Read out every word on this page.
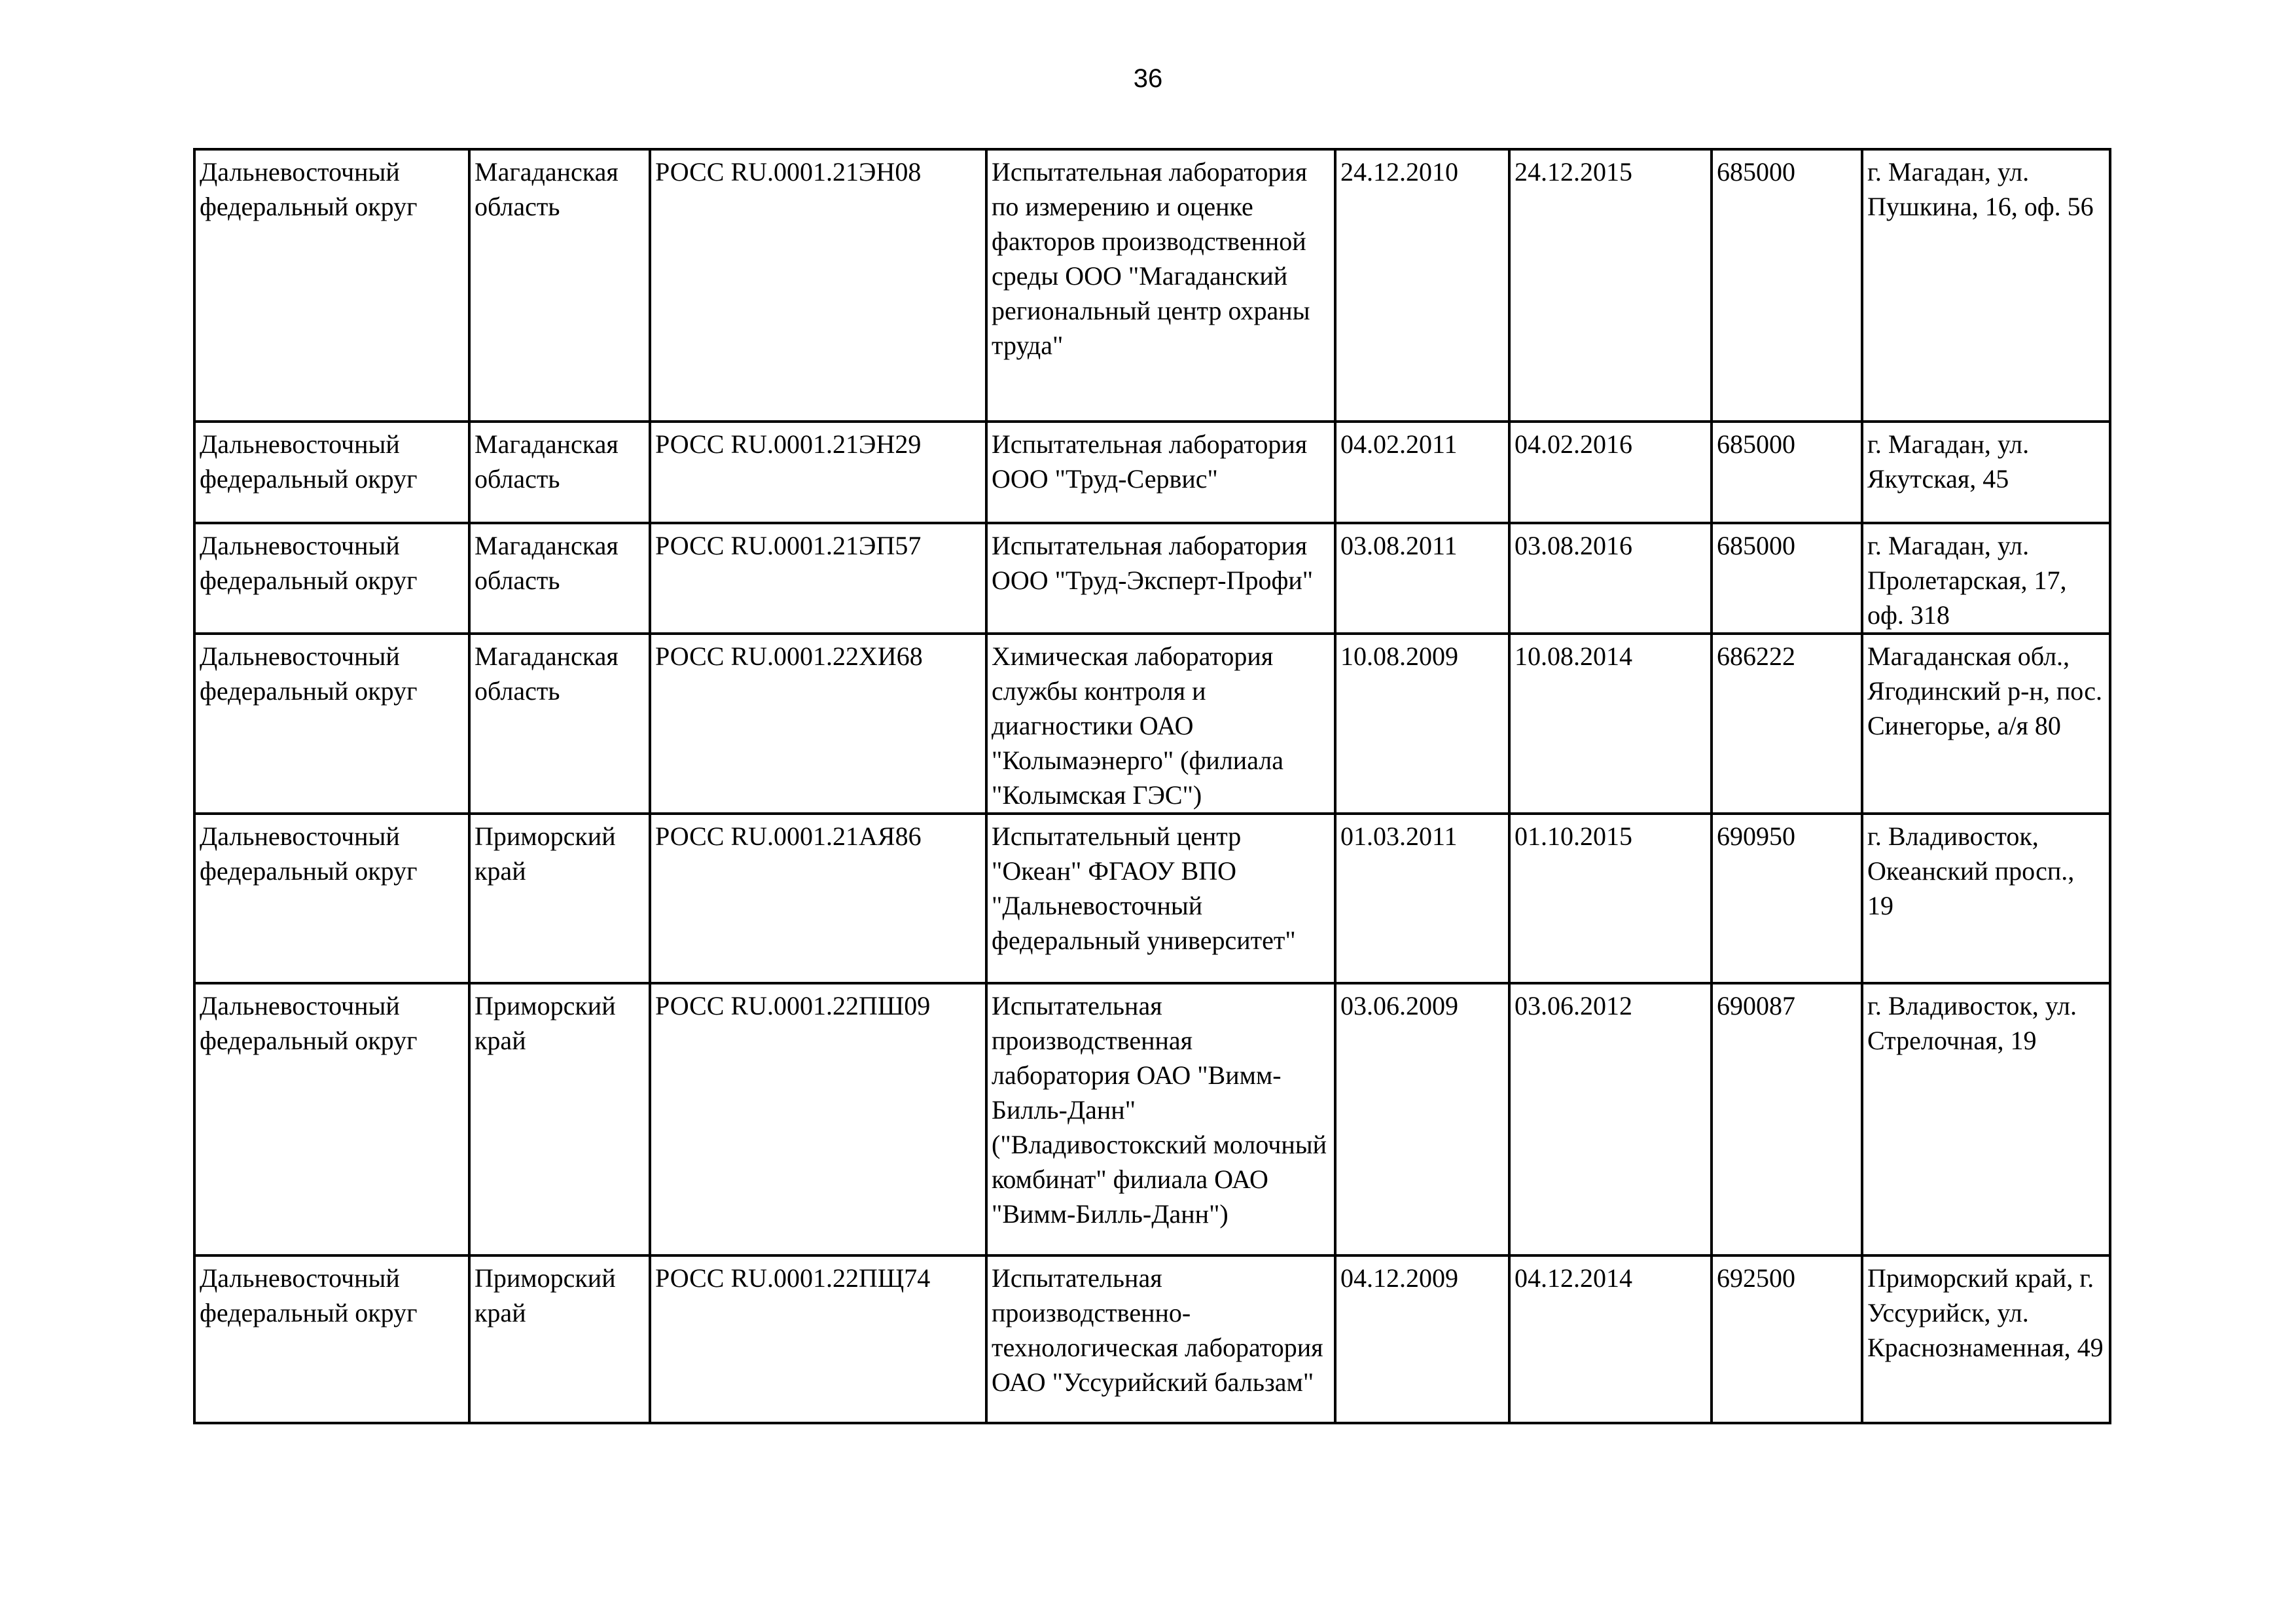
36
Дальневосточный федеральный округ	Магаданская область	РОСС RU.0001.21ЭН08	Испытательная лаборатория по измерению и оценке факторов производственной среды ООО "Магаданский региональный центр охраны труда"	24.12.2010	24.12.2015	685000	г. Магадан, ул. Пушкина, 16, оф. 56
Дальневосточный федеральный округ	Магаданская область	РОСС RU.0001.21ЭН29	Испытательная лаборатория ООО "Труд-Сервис"	04.02.2011	04.02.2016	685000	г. Магадан, ул. Якутская, 45
Дальневосточный федеральный округ	Магаданская область	РОСС RU.0001.21ЭП57	Испытательная лаборатория ООО "Труд-Эксперт-Профи"	03.08.2011	03.08.2016	685000	г. Магадан, ул. Пролетарская, 17, оф. 318
Дальневосточный федеральный округ	Магаданская область	РОСС RU.0001.22ХИ68	Химическая лаборатория службы контроля и диагностики ОАО "Колымаэнерго" (филиала "Колымская ГЭС")	10.08.2009	10.08.2014	686222	Магаданская обл., Ягодинский р-н, пос. Синегорье, а/я 80
Дальневосточный федеральный округ	Приморский край	РОСС RU.0001.21АЯ86	Испытательный центр "Океан" ФГАОУ ВПО "Дальневосточный федеральный университет"	01.03.2011	01.10.2015	690950	г. Владивосток, Океанский просп., 19
Дальневосточный федеральный округ	Приморский край	РОСС RU.0001.22ПШ09	Испытательная производственная лаборатория ОАО "Вимм-Билль-Данн" ("Владивостокский молочный комбинат" филиала ОАО "Вимм-Билль-Данн")	03.06.2009	03.06.2012	690087	г. Владивосток, ул. Стрелочная, 19
Дальневосточный федеральный округ	Приморский край	РОСС RU.0001.22ПЩ74	Испытательная производственно-технологическая лаборатория ОАО "Уссурийский бальзам"	04.12.2009	04.12.2014	692500	Приморский край, г. Уссурийск, ул. Краснознаменная, 49
